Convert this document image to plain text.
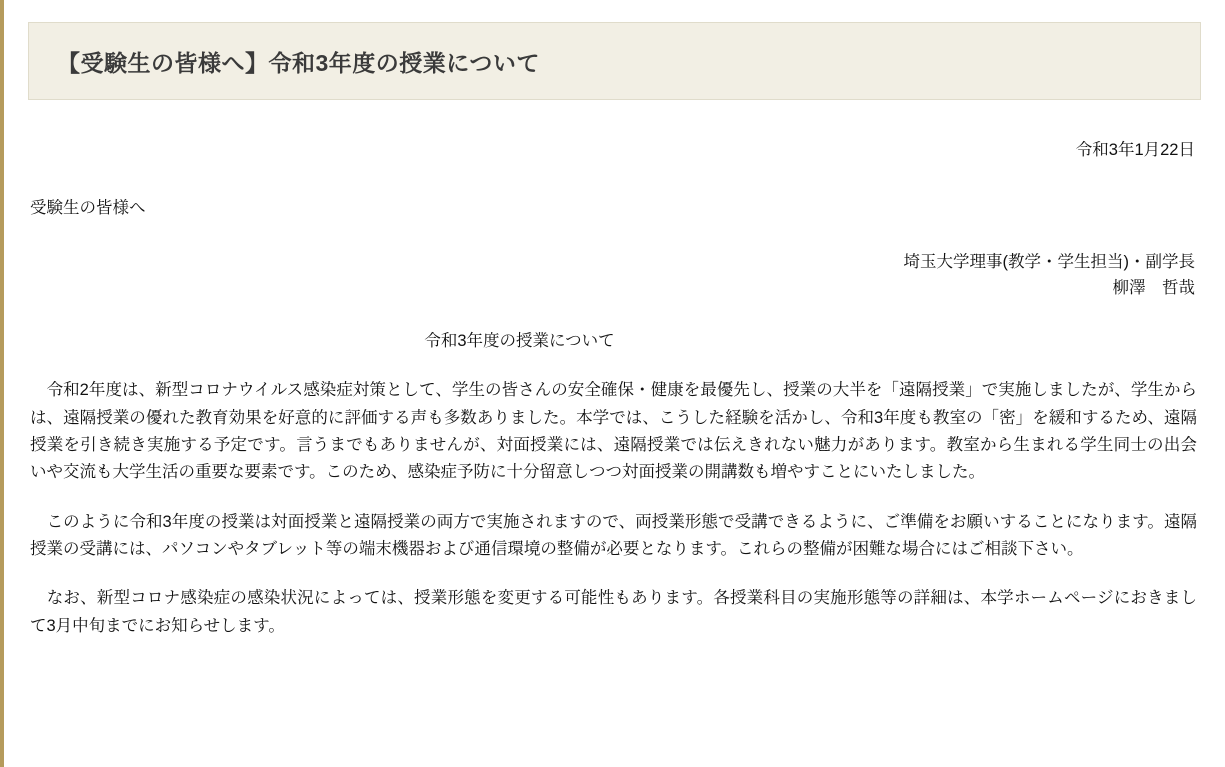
【受験生の皆様へ】令和3年度の授業について
令和3年1月22日
受験生の皆様へ
埼玉大学理事(教学・学生担当)・副学長
柳澤　哲哉
令和3年度の授業について
令和2年度は、新型コロナウイルス感染症対策として、学生の皆さんの安全確保・健康を最優先し、授業の大半を「遠隔授業」で実施しましたが、学生からは、遠隔授業の優れた教育効果を好意的に評価する声も多数ありました。本学では、こうした経験を活かし、令和3年度も教室の「密」を緩和するため、遠隔授業を引き続き実施する予定です。言うまでもありませんが、対面授業には、遠隔授業では伝えきれない魅力があります。教室から生まれる学生同士の出会いや交流も大学生活の重要な要素です。このため、感染症予防に十分留意しつつ対面授業の開講数も増やすことにいたしました。
このように令和3年度の授業は対面授業と遠隔授業の両方で実施されますので、両授業形態で受講できるように、ご準備をお願いすることになります。遠隔授業の受講には、パソコンやタブレット等の端末機器および通信環境の整備が必要となります。これらの整備が困難な場合にはご相談下さい。
なお、新型コロナ感染症の感染状況によっては、授業形態を変更する可能性もあります。各授業科目の実施形態等の詳細は、本学ホームページにおきまして3月中旬までにお知らせします。
